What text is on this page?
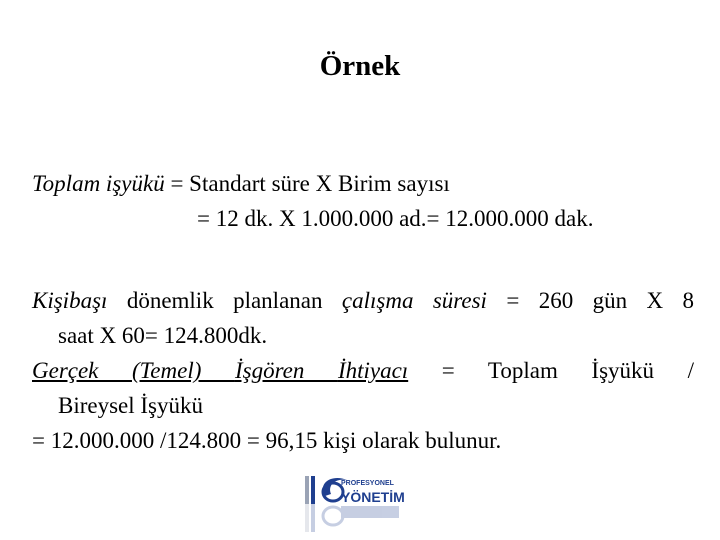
Örnek
Toplam işyükü = Standart süre X Birim sayısı
= 12 dk. X 1.000.000 ad.= 12.000.000 dak.
Kişibaşı dönemlik planlanan çalışma süresi = 260 gün X 8
saat X 60= 124.800dk.
Gerçek (Temel) İşgören İhtiyacı = Toplam İşyükü /
Bireysel İşyükü
= 12.000.000 /124.800 = 96,15 kişi olarak bulunur.
PROFESYONEL
YÖNETİM
